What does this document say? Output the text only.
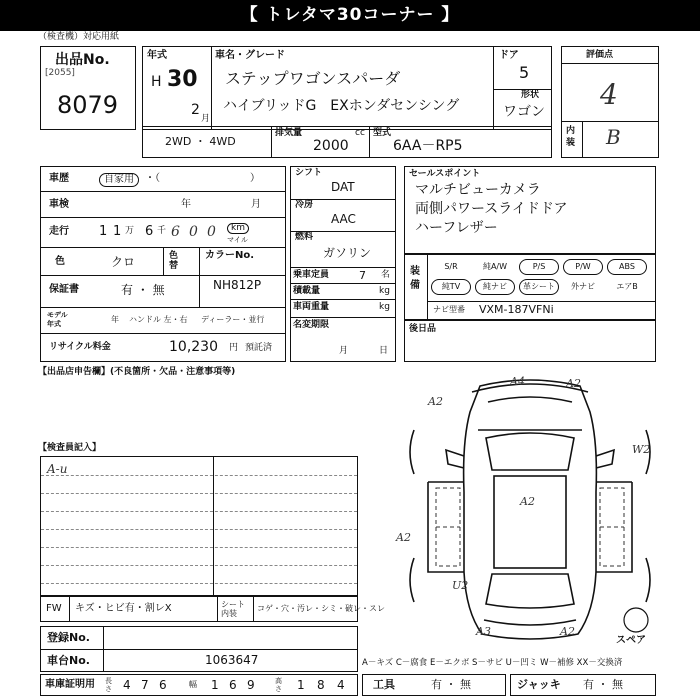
【 トレタマ30コーナー 】
（検査機）対応用紙
出品No.
[2055]
8079
年式
H 30
2
月
車名・グレード
ステップワゴンスパーダ
ハイブリッドG　EXホンダセンシング
ドア
5
形状
ワゴン
評価点
4
内装 B
2WD ・ 4WD
排気量
2000
cc 型式
6AA－RP5
車歴	自家用	・（　　　　　　　　　）
車検	年	月
走行 1 1 万 6 千 6 0 0	km
マイル
色	クロ	色替
カラーNo.
NH812P
保証書	有 ・ 無
モデル年式	年 ハンドル 左・右 ディーラー・並行
リサイクル料金	10,230 円 預託済
シフト
DAT
冷房
AAC
燃料
ガソリン
乗車定員	7 名
積載量	kg
車両重量	kg
名変期限
月	日
セールスポイント
マルチビューカメラ
両側パワースライドドア
ハーフレザー
装備
S/R	純A/W	P/S	P/W	ABS
純TV	純ナビ	革シート	外ナビ	エアB
ナビ型番 VXM-187VFNi
後日品
【出品店申告欄】(不良箇所・欠品・注意事項等)
【検査員記入】
A-u
FW キズ・ヒビ有・割レX	シート内装
コゲ・穴・汚レ・シミ・破レ・スレ
登録No.
車台No.	1063647
車庫証明用 長さ 4 7 6	幅 1 6 9	高さ 1 8 4
A4	A2
A2
W2
A2
A2
U2
A3	A2
スペア
A－キズ C－腐食 E－エクボ S－サビ U－凹ミ W－補修 XX－交換済
工具	有 ・ 無	ジャッキ 有 ・ 無
